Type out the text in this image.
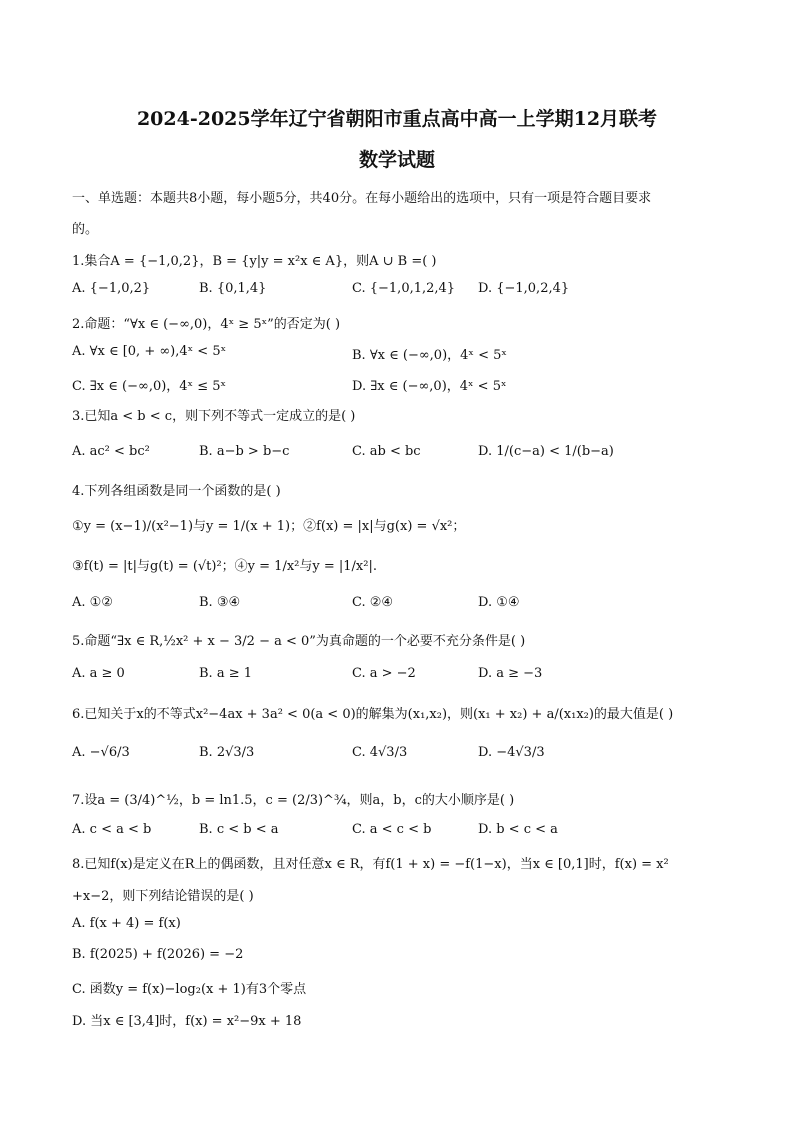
2024-2025学年辽宁省朝阳市重点高中高一上学期12月联考
数学试题
一、单选题：本题共8小题，每小题5分，共40分。在每小题给出的选项中，只有一项是符合题目要求
的。
1.集合A = {−1,0,2}，B = {y|y = x²x ∈ A}，则A ∪ B =( )
A. {−1,0,2}	B. {0,1,4}	C. {−1,0,1,2,4} D. {−1,0,2,4}
2.命题：“∀x ∈ (−∞,0)，4ˣ ≥ 5ˣ”的否定为( )
A. ∀x ∈ [0, + ∞),4ˣ < 5ˣ	B. ∀x ∈ (−∞,0)，4ˣ < 5ˣ
C. ∃x ∈ (−∞,0)，4ˣ ≤ 5ˣ	D. ∃x ∈ (−∞,0)，4ˣ < 5ˣ
3.已知a < b < c，则下列不等式一定成立的是( )
A. ac² < bc²	B. a−b > b−c	C. ab < bc	D. 1/(c−a) < 1/(b−a)
4.下列各组函数是同一个函数的是( )
①y = (x−1)/(x²−1)与y = 1/(x + 1)；②f(x) = |x|与g(x) = √x²；
③f(t) = |t|与g(t) = (√t)²；④y = 1/x²与y = |1/x²|.
A. ①②	B. ③④	C. ②④	D. ①④
5.命题“∃x ∈ R,½x² + x − 3/2 − a < 0”为真命题的一个必要不充分条件是( )
A. a ≥ 0	B. a ≥ 1	C. a > −2	D. a ≥ −3
6.已知关于x的不等式x²−4ax + 3a² < 0(a < 0)的解集为(x₁,x₂)，则(x₁ + x₂) + a/(x₁x₂)的最大值是( )
A. −√6/3	B. 2√3/3	C. 4√3/3	D. −4√3/3
7.设a = (3/4)^½，b = ln1.5，c = (2/3)^¾，则a，b，c的大小顺序是( )
A. c < a < b	B. c < b < a	C. a < c < b	D. b < c < a
8.已知f(x)是定义在R上的偶函数，且对任意x ∈ R，有f(1 + x) = −f(1−x)，当x ∈ [0,1]时，f(x) = x²
+x−2，则下列结论错误的是( )
A. f(x + 4) = f(x)
B. f(2025) + f(2026) = −2
C. 函数y = f(x)−log₂(x + 1)有3个零点
D. 当x ∈ [3,4]时，f(x) = x²−9x + 18
